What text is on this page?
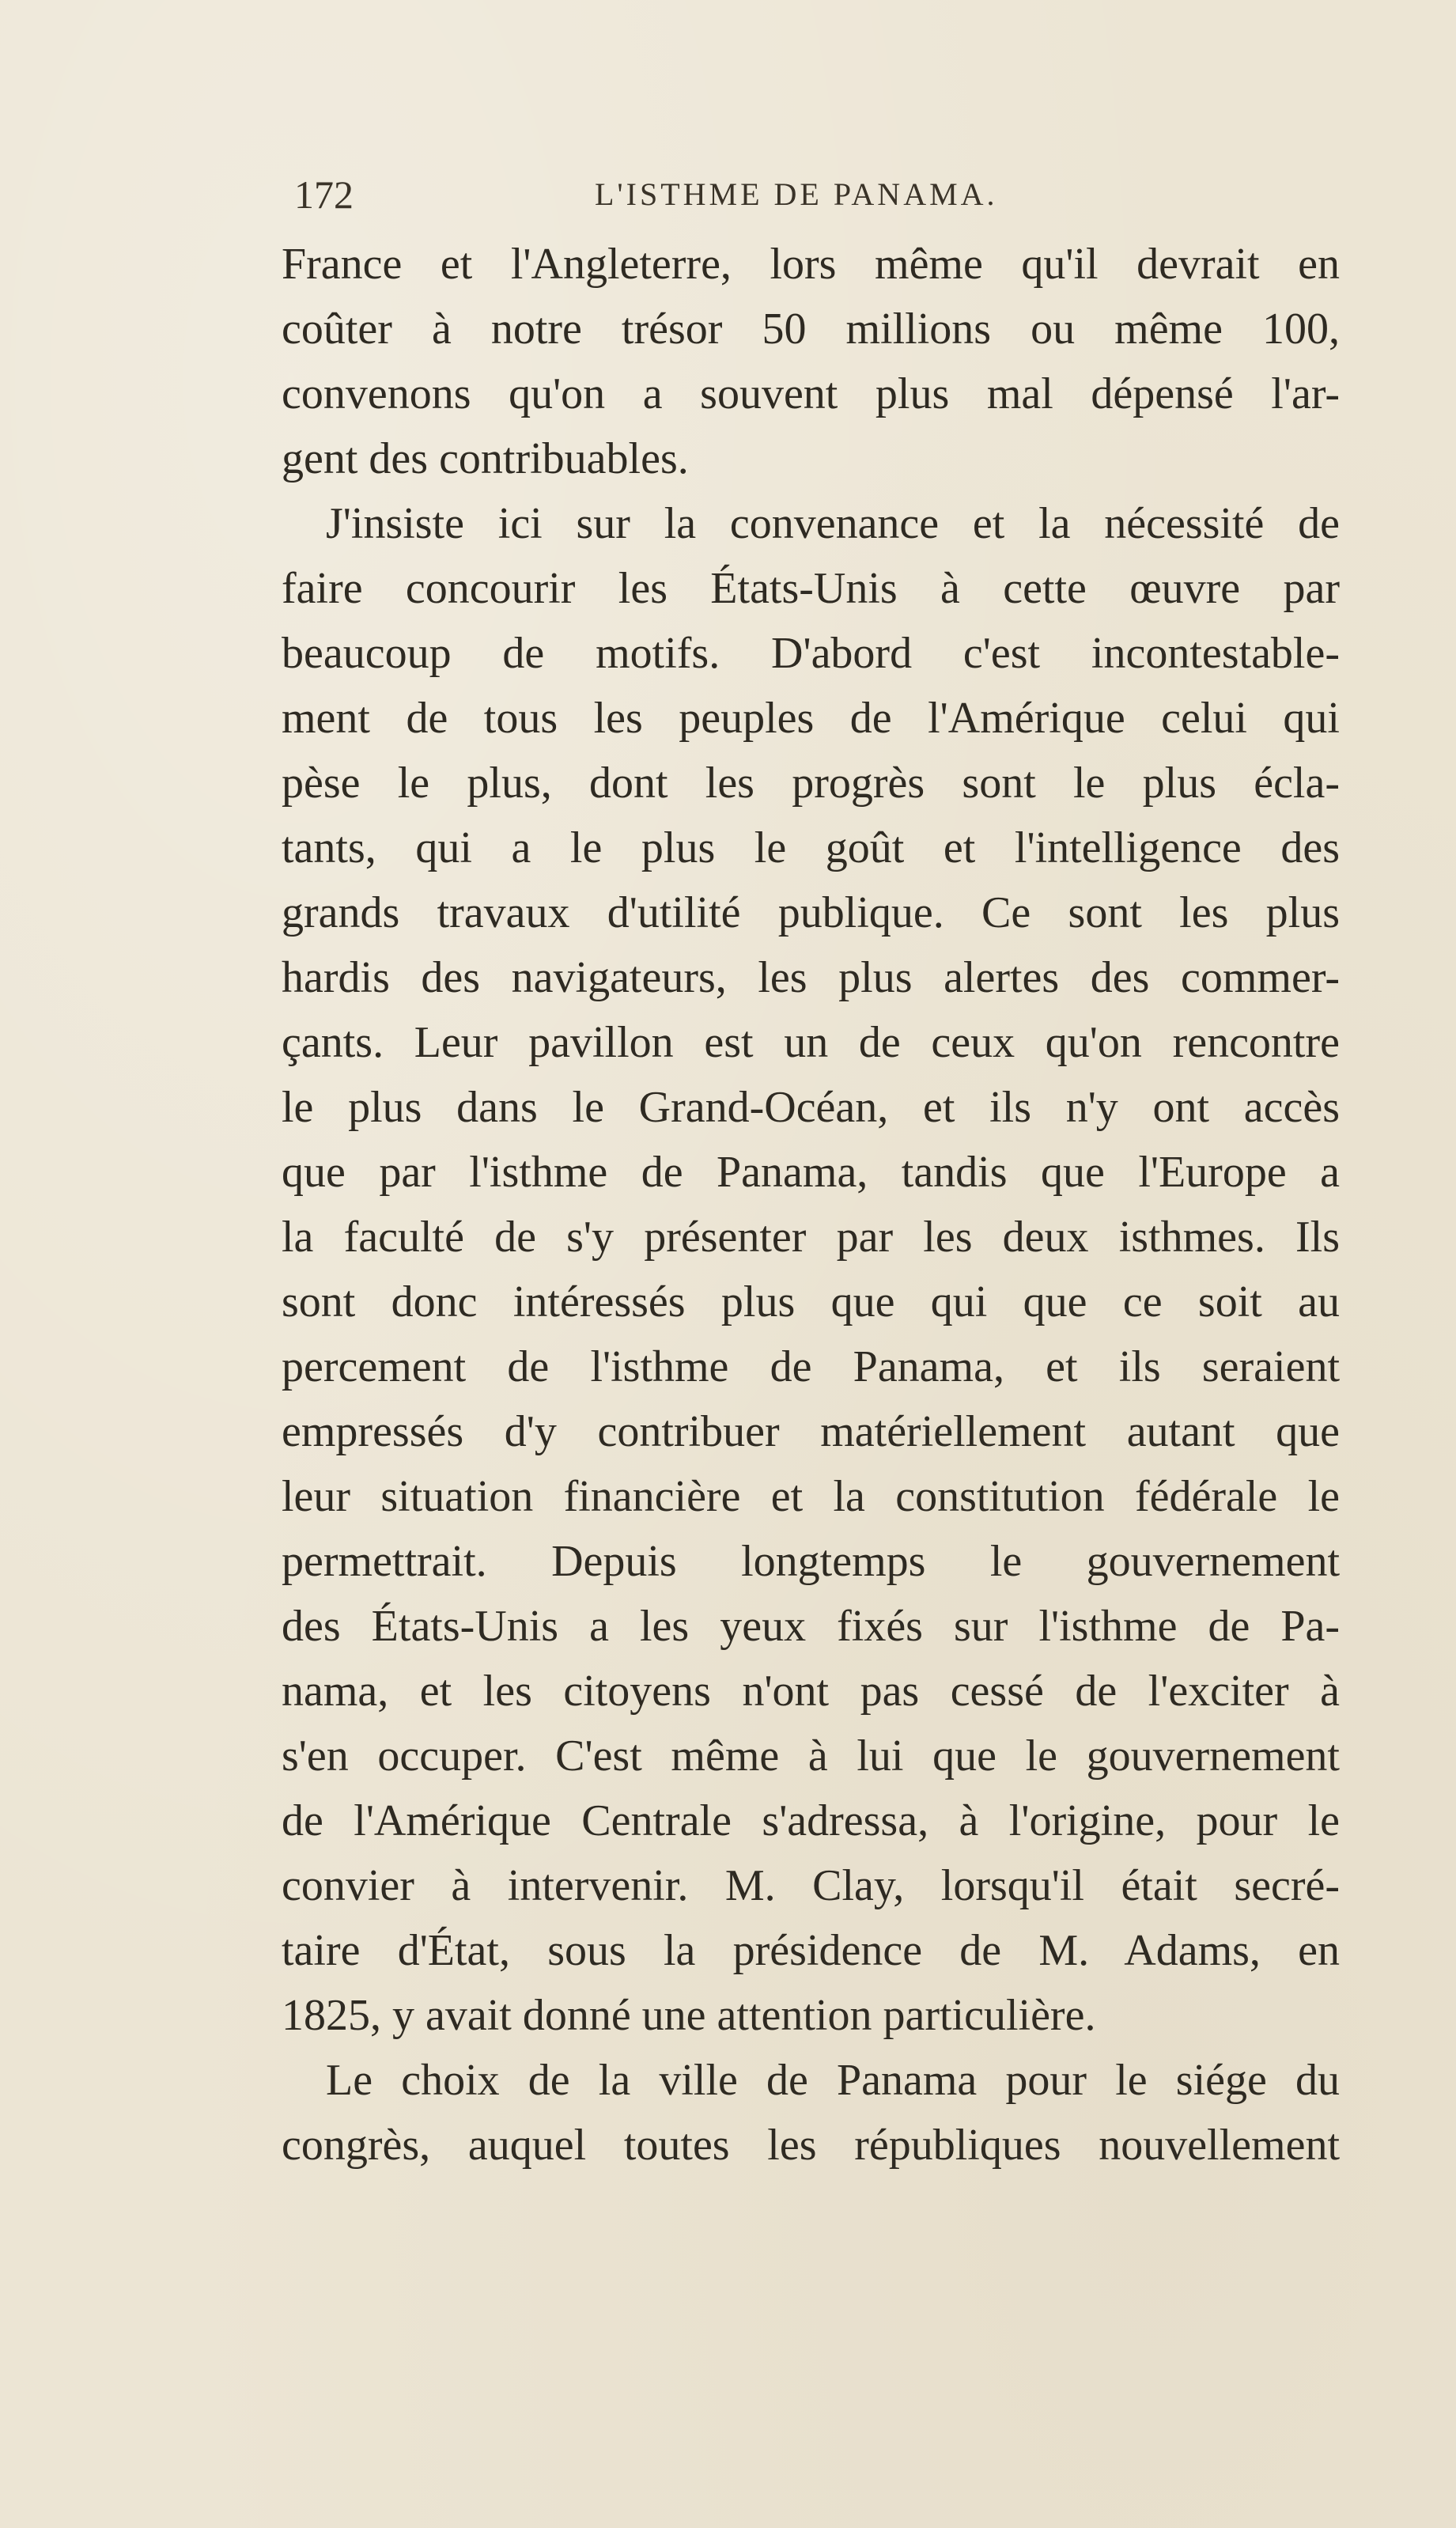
172	L'ISTHME DE PANAMA.
France et l'Angleterre, lors même qu'il devrait en
coûter à notre trésor 50 millions ou même 100,
convenons qu'on a souvent plus mal dépensé l'ar-
gent des contribuables.
J'insiste ici sur la convenance et la nécessité de
faire concourir les États-Unis à cette œuvre par
beaucoup de motifs. D'abord c'est incontestable-
ment de tous les peuples de l'Amérique celui qui
pèse le plus, dont les progrès sont le plus écla-
tants, qui a le plus le goût et l'intelligence des
grands travaux d'utilité publique. Ce sont les plus
hardis des navigateurs, les plus alertes des commer-
çants. Leur pavillon est un de ceux qu'on rencontre
le plus dans le Grand-Océan, et ils n'y ont accès
que par l'isthme de Panama, tandis que l'Europe a
la faculté de s'y présenter par les deux isthmes. Ils
sont donc intéressés plus que qui que ce soit au
percement de l'isthme de Panama, et ils seraient
empressés d'y contribuer matériellement autant que
leur situation financière et la constitution fédérale le
permettrait. Depuis longtemps le gouvernement
des États-Unis a les yeux fixés sur l'isthme de Pa-
nama, et les citoyens n'ont pas cessé de l'exciter à
s'en occuper. C'est même à lui que le gouvernement
de l'Amérique Centrale s'adressa, à l'origine, pour le
convier à intervenir. M. Clay, lorsqu'il était secré-
taire d'État, sous la présidence de M. Adams, en
1825, y avait donné une attention particulière.
Le choix de la ville de Panama pour le siége du
congrès, auquel toutes les républiques nouvellement
